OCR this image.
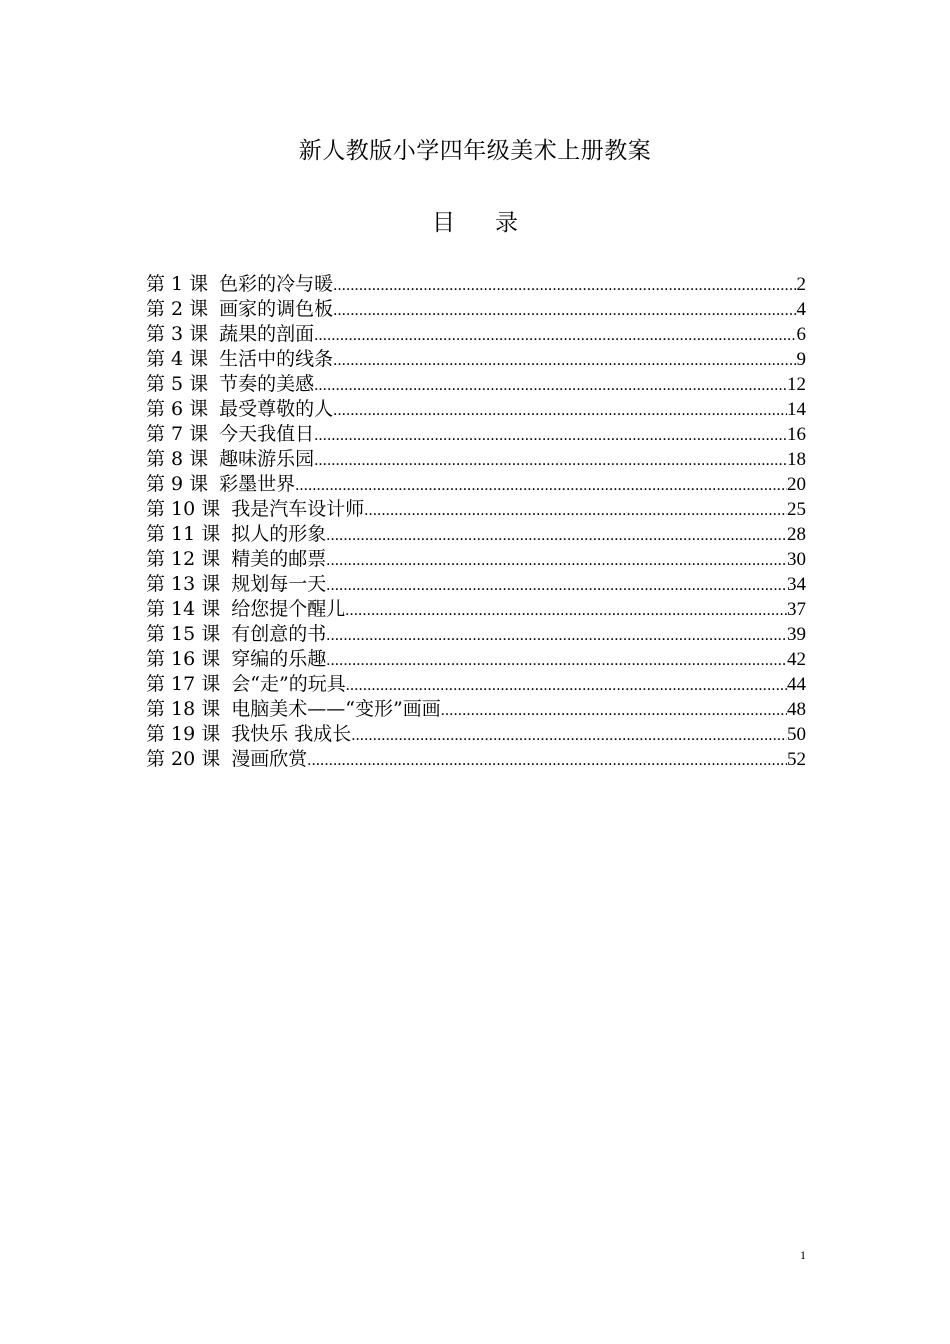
新人教版小学四年级美术上册教案
目 录
第 1 课 色彩的冷与暖 .....	2
第 2 课 画家的调色板 .....	4
第 3 课 蔬果的剖面 .....	6
第 4 课 生活中的线条 .....	9
第 5 课 节奏的美感 .....	12
第 6 课 最受尊敬的人 .....	14
第 7 课 今天我值日 .....	16
第 8 课 趣味游乐园 .....	18
第 9 课 彩墨世界 .....	20
第 10 课 我是汽车设计师 .....	25
第 11 课 拟人的形象 .....	28
第 12 课 精美的邮票 .....	30
第 13 课 规划每一天 .....	34
第 14 课 给您提个醒儿 .....	37
第 15 课 有创意的书 .....	39
第 16 课 穿编的乐趣 .....	42
第 17 课 会“走”的玩具 .....	44
第 18 课 电脑美术——“变形”画画 .....	48
第 19 课 我快乐 我成长 .....	50
第 20 课 漫画欣赏 .....	52
1
